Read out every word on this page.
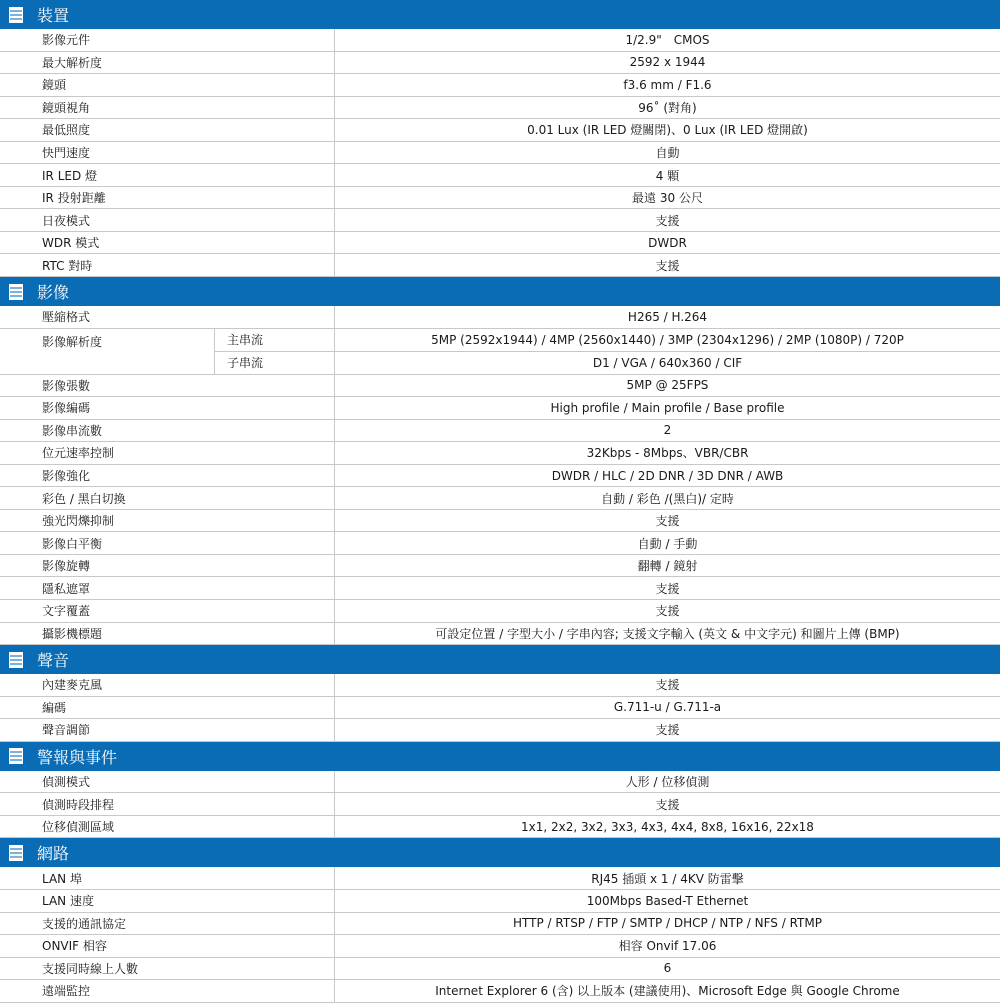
裝置
影像元件	1/2.9"　CMOS
最大解析度	2592 x 1944
鏡頭	f3.6 mm / F1.6
鏡頭視角	96˚ (對角)
最低照度	0.01 Lux (IR LED 燈關閉)、0 Lux (IR LED 燈開啟)
快門速度	自動
IR LED 燈	4 顆
IR 投射距離	最遠 30 公尺
日夜模式	支援
WDR 模式	DWDR
RTC 對時	支援
影像
壓縮格式	H265 / H.264
影像解析度	主串流	5MP (2592x1944) / 4MP (2560x1440) / 3MP (2304x1296) / 2MP (1080P) / 720P
子串流	D1 / VGA / 640x360 / CIF
影像張數	5MP @ 25FPS
影像編碼	High profile / Main profile / Base profile
影像串流數	2
位元速率控制	32Kbps - 8Mbps、VBR/CBR
影像強化	DWDR / HLC / 2D DNR / 3D DNR / AWB
彩色 / 黑白切換	自動 / 彩色 /(黑白)/ 定時
強光閃爍抑制	支援
影像白平衡	自動 / 手動
影像旋轉	翻轉 / 鏡射
隱私遮罩	支援
文字覆蓋	支援
攝影機標題	可設定位置 / 字型大小 / 字串內容; 支援文字輸入 (英文 & 中文字元) 和圖片上傳 (BMP)
聲音
內建麥克風	支援
編碼	G.711-u / G.711-a
聲音調節	支援
警報與事件
偵測模式	人形 / 位移偵測
偵測時段排程	支援
位移偵測區域	1x1, 2x2, 3x2, 3x3, 4x3, 4x4, 8x8, 16x16, 22x18
網路
LAN 埠	RJ45 插頭 x 1 / 4KV 防雷擊
LAN 速度	100Mbps Based-T Ethernet
支援的通訊協定	HTTP / RTSP / FTP / SMTP / DHCP / NTP / NFS / RTMP
ONVIF 相容	相容 Onvif 17.06
支援同時線上人數	6
遠端監控	Internet Explorer 6 (含) 以上版本 (建議使用)、Microsoft Edge 與 Google Chrome
